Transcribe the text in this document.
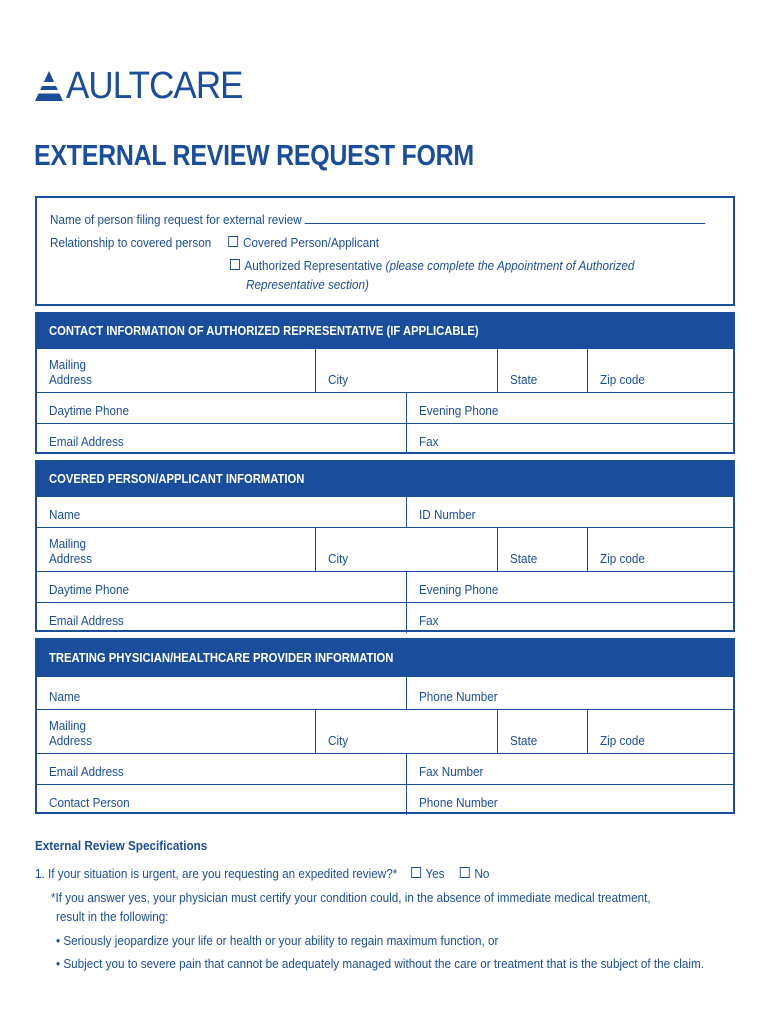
AULTCARE
EXTERNAL REVIEW REQUEST FORM
Name of person filing request for external review
Relationship to covered person Covered Person/Applicant
Authorized Representative (please complete the Appointment of Authorized
Representative section)
CONTACT INFORMATION OF AUTHORIZED REPRESENTATIVE (IF APPLICABLE)
Mailing
Address	City	State	Zip code
Daytime Phone	Evening Phone
Email Address	Fax
COVERED PERSON/APPLICANT INFORMATION
Name	ID Number
Mailing
Address	City	State	Zip code
Daytime Phone	Evening Phone
Email Address	Fax
TREATING PHYSICIAN/HEALTHCARE PROVIDER INFORMATION
Name	Phone Number
Mailing
Address	City	State	Zip code
Email Address	Fax Number
Contact Person	Phone Number
External Review Specifications
1. If your situation is urgent, are you requesting an expedited review?* Yes No
*If you answer yes, your physician must certify your condition could, in the absence of immediate medical treatment,
result in the following:
• Seriously jeopardize your life or health or your ability to regain maximum function, or
• Subject you to severe pain that cannot be adequately managed without the care or treatment that is the subject of the claim.
